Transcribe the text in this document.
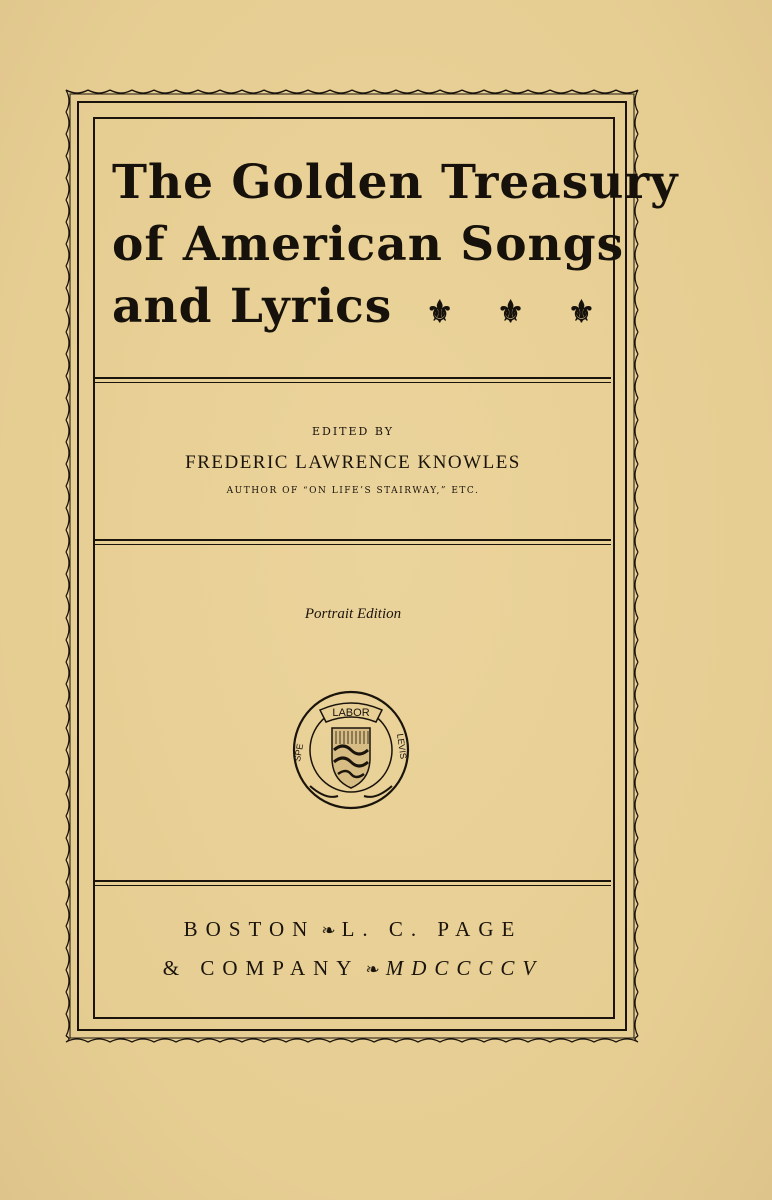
The Golden Treasury
of American Songs
and Lyrics ⚜ ⚜ ⚜
EDITED BY
FREDERIC LAWRENCE KNOWLES
AUTHOR OF “ON LIFE’S STAIRWAY,” ETC.
Portrait Edition
LABOR
SPE	LEVIS
BOSTON ❧ L. C. PAGE
& COMPANY ❧ MDCCCCV
